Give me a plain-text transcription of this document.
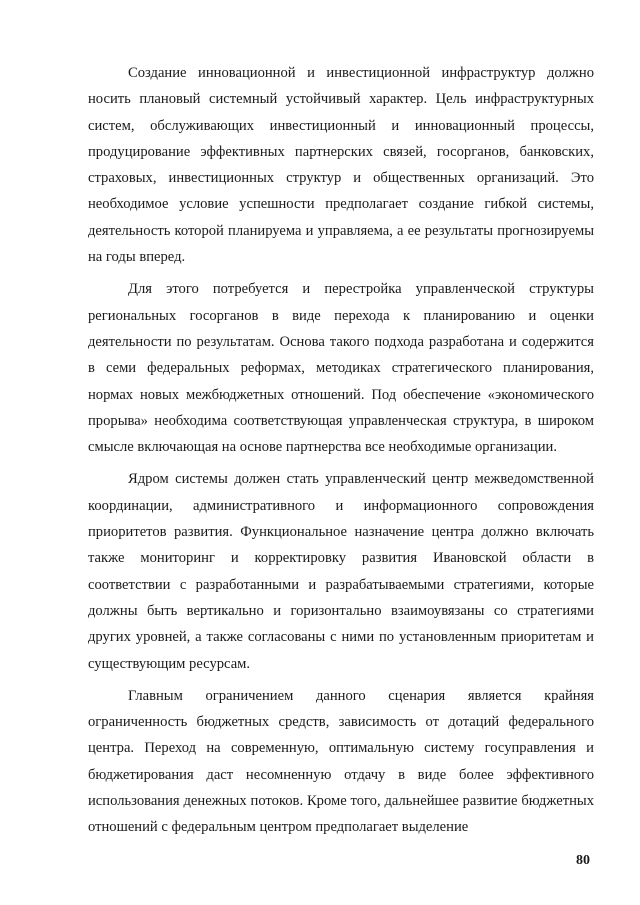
Создание инновационной и инвестиционной инфраструктур должно носить плановый системный устойчивый характер. Цель инфраструктурных систем, обслуживающих инвестиционный и инновационный процессы, продуцирование эффективных партнерских связей, госорганов, банковских, страховых, инвестиционных структур и общественных организаций. Это необходимое условие успешности предполагает создание гибкой системы, деятельность которой планируема и управляема, а ее результаты прогнозируемы на годы вперед.

Для этого потребуется и перестройка управленческой структуры региональных госорганов в виде перехода к планированию и оценки деятельности по результатам. Основа такого подхода разработана и содержится в семи федеральных реформах, методиках стратегического планирования, нормах новых межбюджетных отношений. Под обеспечение «экономического прорыва» необходима соответствующая управленческая структура, в широком смысле включающая на основе партнерства все необходимые организации.

Ядром системы должен стать управленческий центр межведомственной координации, административного и информационного сопровождения приоритетов развития. Функциональное назначение центра должно включать также мониторинг и корректировку развития Ивановской области в соответствии с разработанными и разрабатываемыми стратегиями, которые должны быть вертикально и горизонтально взаимоувязаны со стратегиями других уровней, а также согласованы с ними по установленным приоритетам и существующим ресурсам.

Главным ограничением данного сценария является крайняя ограниченность бюджетных средств, зависимость от дотаций федерального центра. Переход на современную, оптимальную систему госуправления и бюджетирования даст несомненную отдачу в виде более эффективного использования денежных потоков. Кроме того, дальнейшее развитие бюджетных отношений с федеральным центром предполагает выделение

80
